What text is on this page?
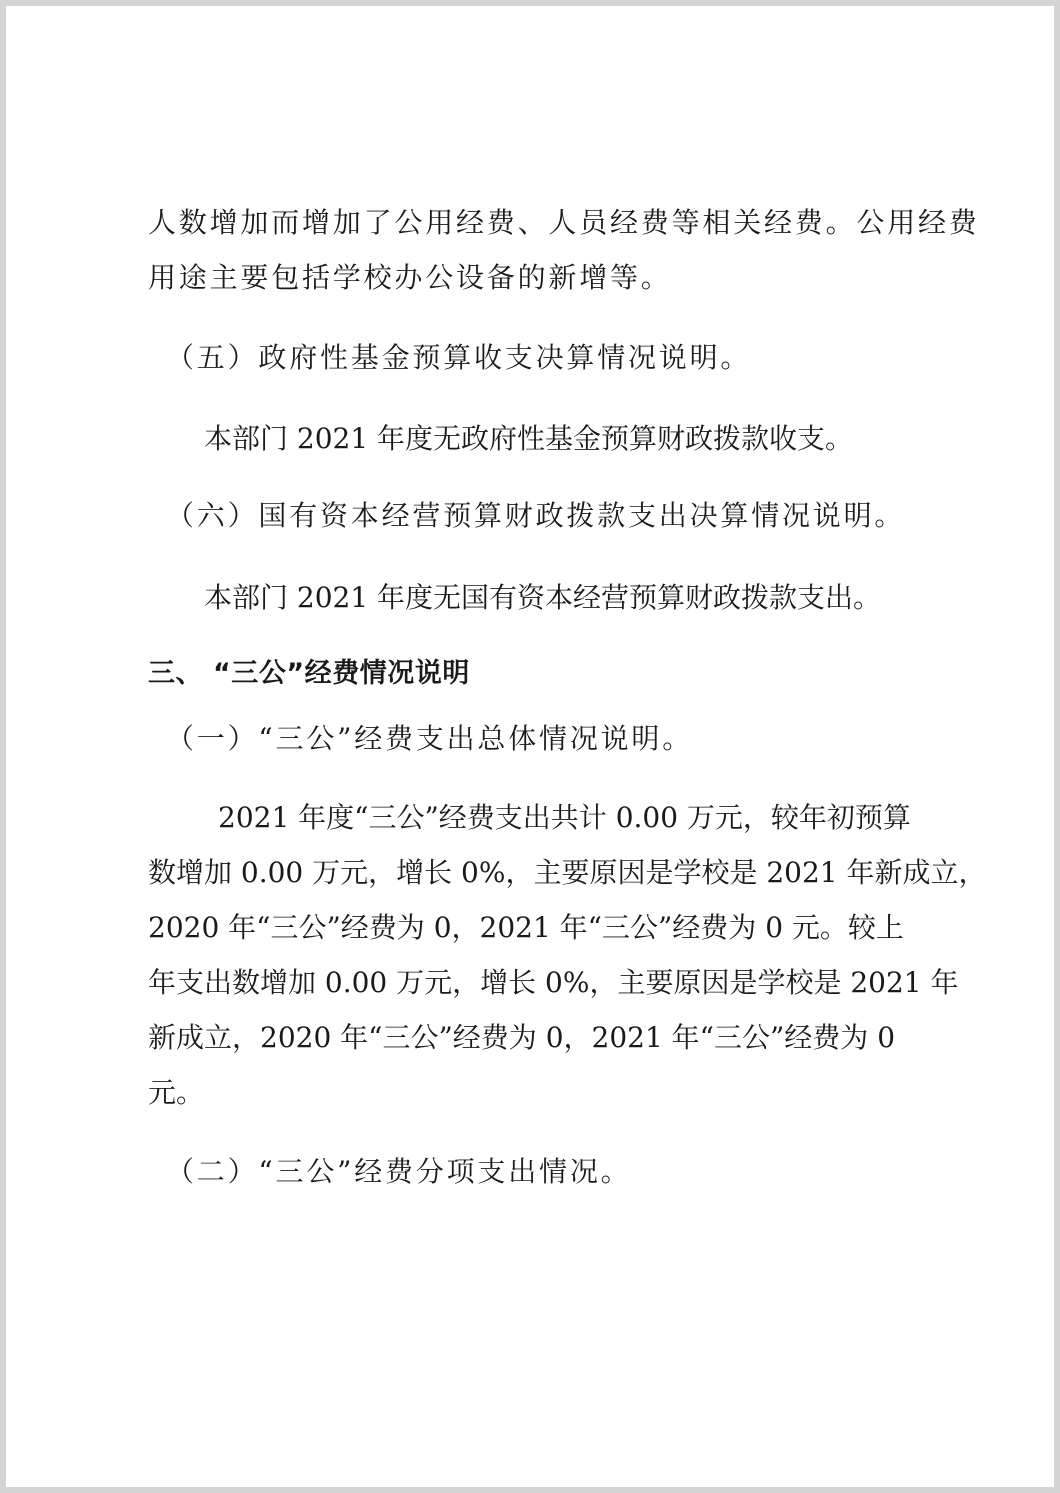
人数增加而增加了公用经费、人员经费等相关经费。公用经费
用途主要包括学校办公设备的新增等。
（五）政府性基金预算收支决算情况说明。
本部门 2021 年度无政府性基金预算财政拨款收支。
（六）国有资本经营预算财政拨款支出决算情况说明。
本部门 2021 年度无国有资本经营预算财政拨款支出。
三、 “三公”经费情况说明
（一）“三公”经费支出总体情况说明。
2021 年度“三公”经费支出共计 0.00 万元，较年初预算
数增加 0.00 万元，增长 0%，主要原因是学校是 2021 年新成立，
2020 年“三公”经费为 0，2021 年“三公”经费为 0 元。较上
年支出数增加 0.00 万元，增长 0%，主要原因是学校是 2021 年
新成立，2020 年“三公”经费为 0，2021 年“三公”经费为 0
元。
（二）“三公”经费分项支出情况。
